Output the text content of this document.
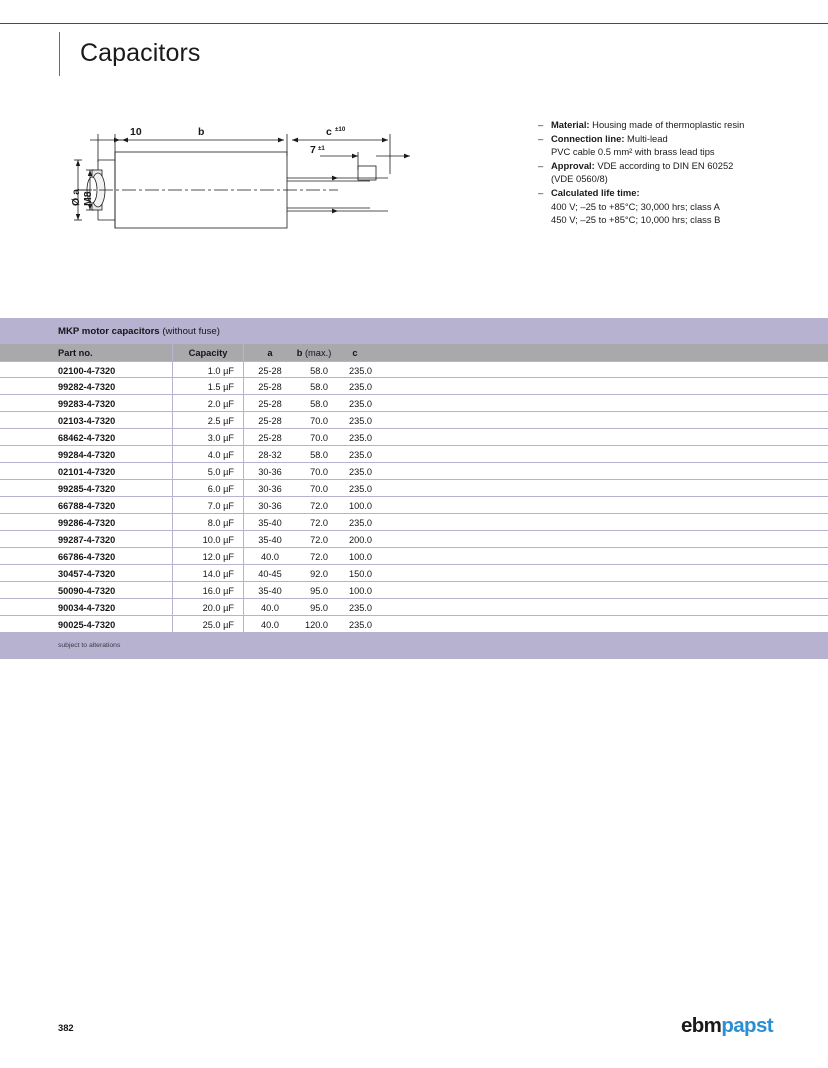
Capacitors
10	b	c ±10
7 ±1
Ø a M8
– Material: Housing made of thermoplastic resin
– Connection line: Multi-lead
PVC cable 0.5 mm² with brass lead tips
– Approval: VDE according to DIN EN 60252
(VDE 0560/8)
– Calculated life time:
400 V; –25 to +85°C; 30,000 hrs; class A
450 V; –25 to +85°C; 10,000 hrs; class B
MKP motor capacitors (without fuse)
Part no.	Capacity	a	b (max.)	c
02100-4-7320	1.0 µF	25-28	58.0	235.0
99282-4-7320	1.5 µF	25-28	58.0	235.0
99283-4-7320	2.0 µF	25-28	58.0	235.0
02103-4-7320	2.5 µF	25-28	70.0	235.0
68462-4-7320	3.0 µF	25-28	70.0	235.0
99284-4-7320	4.0 µF	28-32	58.0	235.0
02101-4-7320	5.0 µF	30-36	70.0	235.0
99285-4-7320	6.0 µF	30-36	70.0	235.0
66788-4-7320	7.0 µF	30-36	72.0	100.0
99286-4-7320	8.0 µF	35-40	72.0	235.0
99287-4-7320	10.0 µF	35-40	72.0	200.0
66786-4-7320	12.0 µF	40.0	72.0	100.0
30457-4-7320	14.0 µF	40-45	92.0	150.0
50090-4-7320	16.0 µF	35-40	95.0	100.0
90034-4-7320	20.0 µF	40.0	95.0	235.0
90025-4-7320	25.0 µF	40.0	120.0	235.0
subject to alterations
382	ebmpapst
